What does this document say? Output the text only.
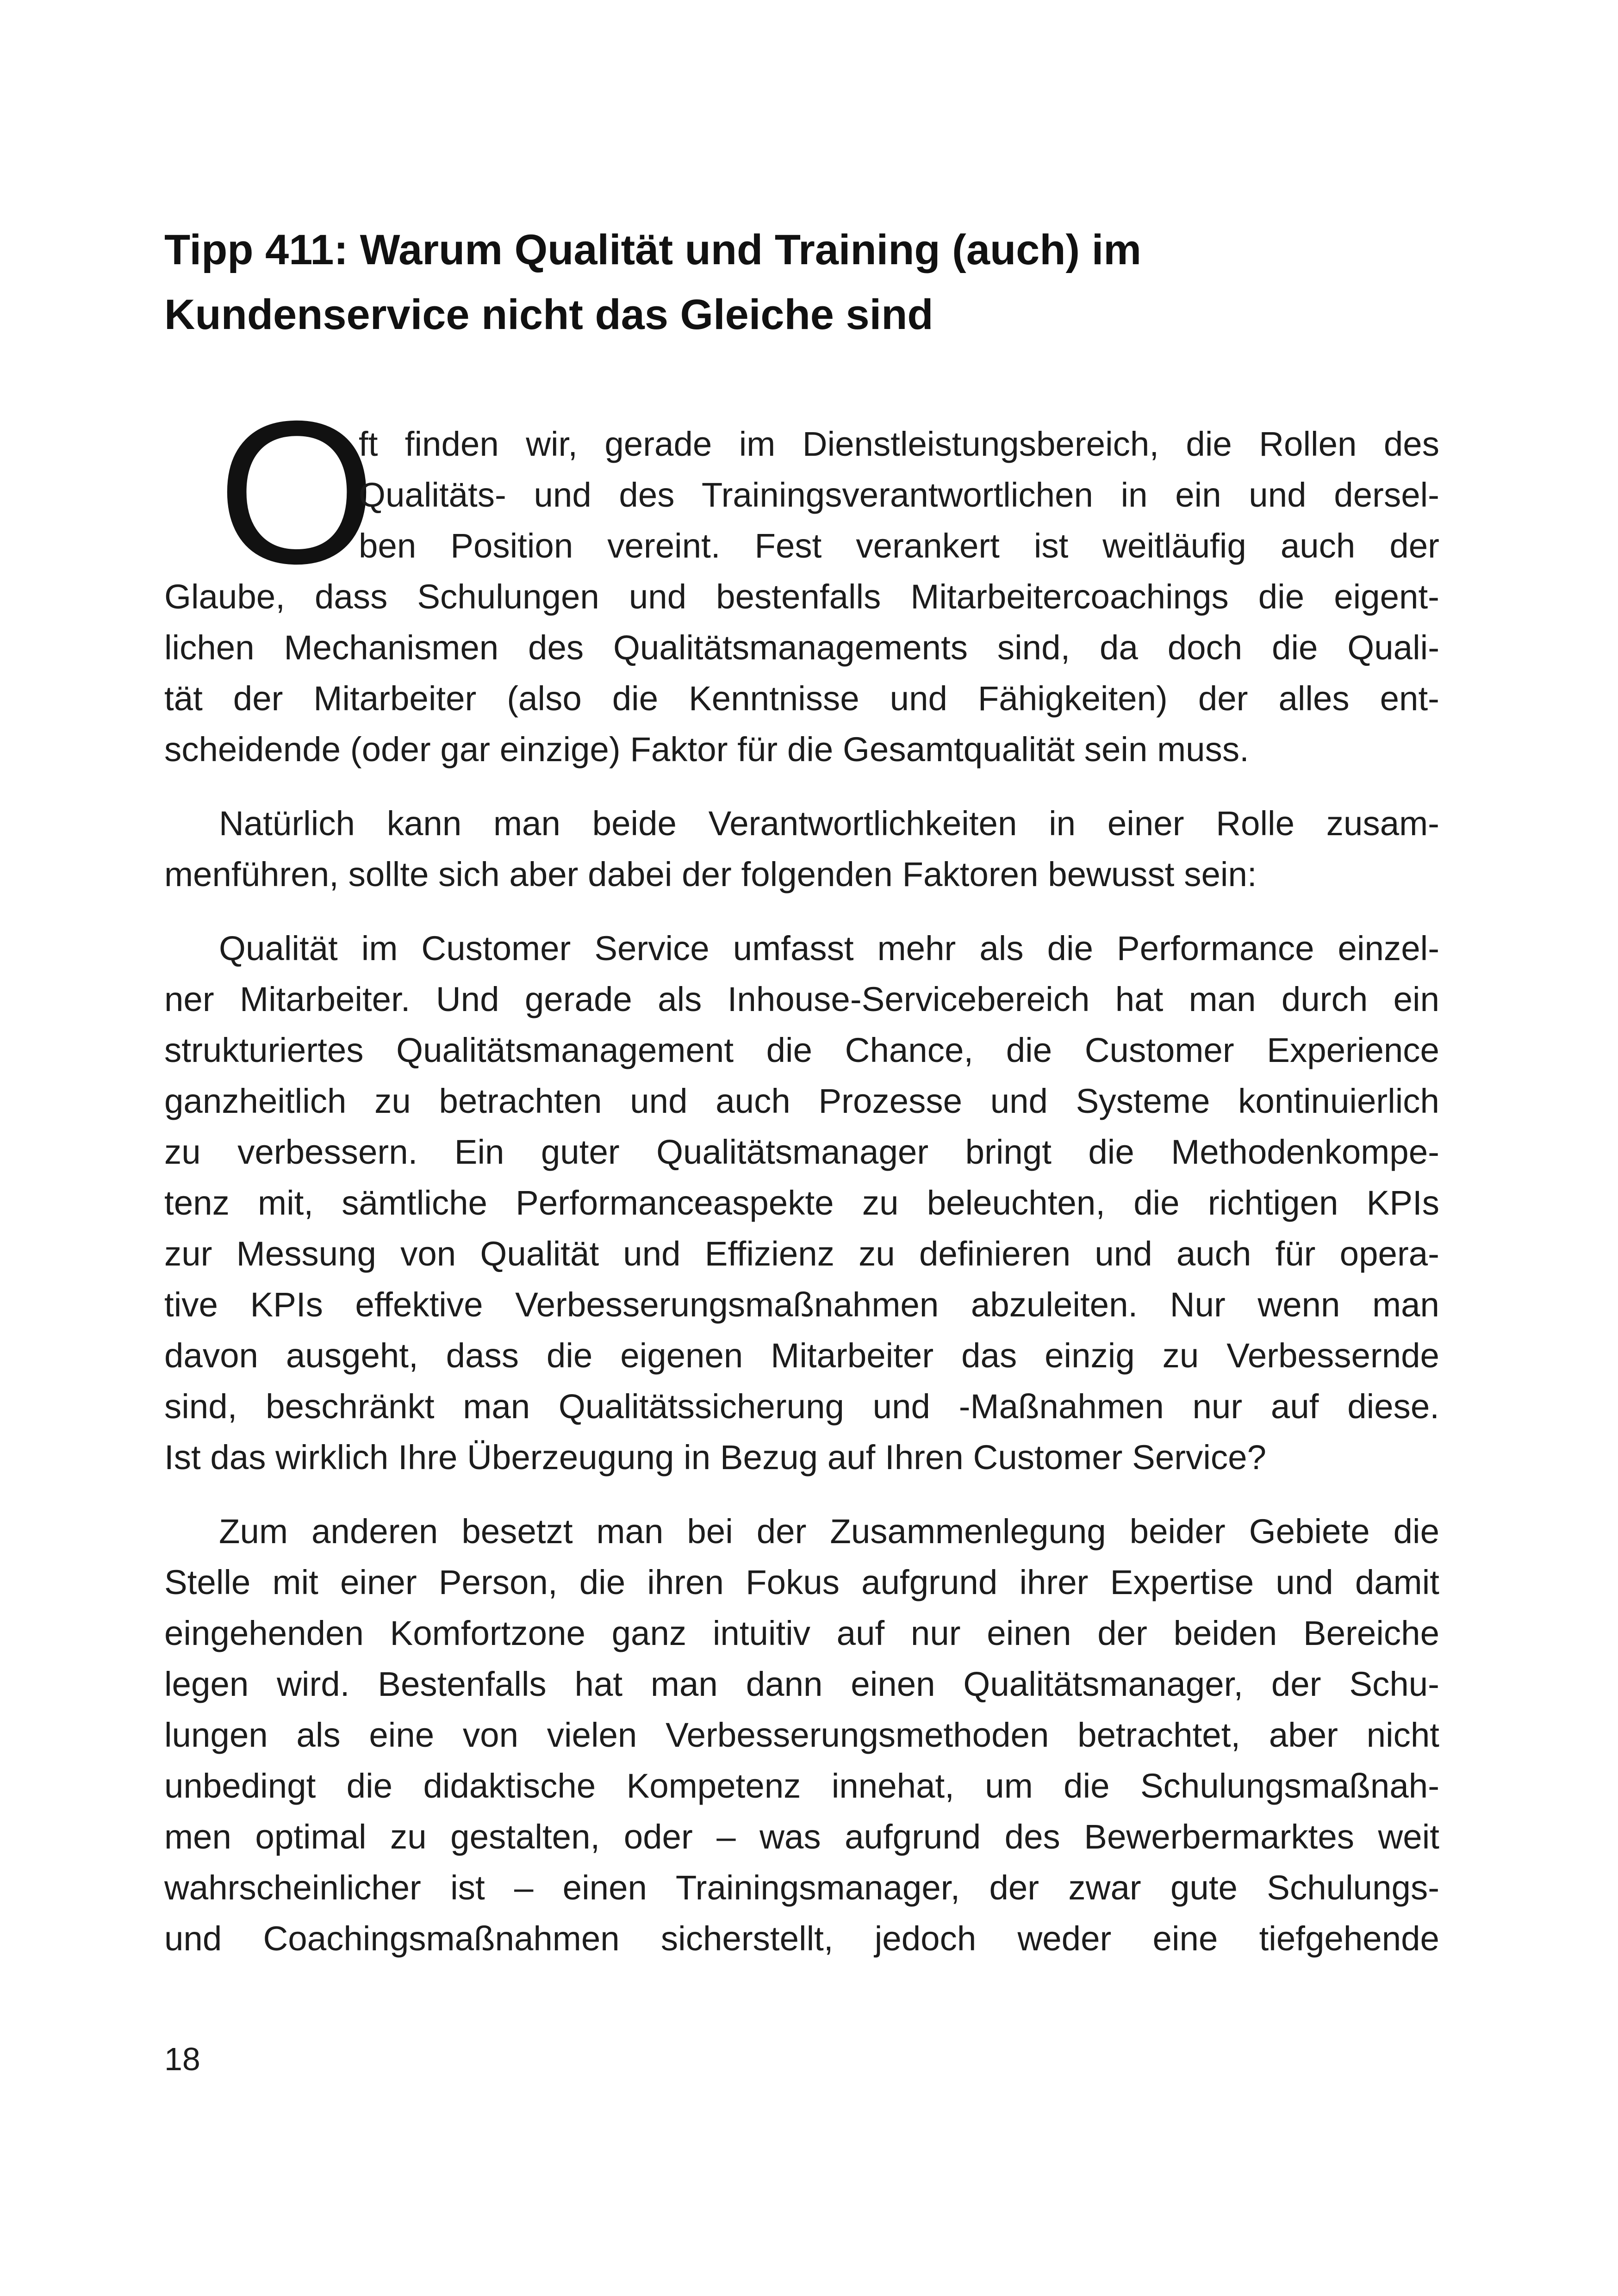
Tipp 411: Warum Qualität und Training (auch) im
Kundenservice nicht das Gleiche sind
O
ft finden wir, gerade im Dienstleistungsbereich, die Rollen des
Qualitäts- und des Trainingsverantwortlichen in ein und dersel-
ben Position vereint. Fest verankert ist weitläufig auch der
Glaube, dass Schulungen und bestenfalls Mitarbeitercoachings die eigent-
lichen Mechanismen des Qualitätsmanagements sind, da doch die Quali-
tät der Mitarbeiter (also die Kenntnisse und Fähigkeiten) der alles ent-
scheidende (oder gar einzige) Faktor für die Gesamtqualität sein muss.
Natürlich kann man beide Verantwortlichkeiten in einer Rolle zusam-
menführen, sollte sich aber dabei der folgenden Faktoren bewusst sein:
Qualität im Customer Service umfasst mehr als die Performance einzel-
ner Mitarbeiter. Und gerade als Inhouse-Servicebereich hat man durch ein
strukturiertes Qualitätsmanagement die Chance, die Customer Experience
ganzheitlich zu betrachten und auch Prozesse und Systeme kontinuierlich
zu verbessern. Ein guter Qualitätsmanager bringt die Methodenkompe-
tenz mit, sämtliche Performanceaspekte zu beleuchten, die richtigen KPIs
zur Messung von Qualität und Effizienz zu definieren und auch für opera-
tive KPIs effektive Verbesserungsmaßnahmen abzuleiten. Nur wenn man
davon ausgeht, dass die eigenen Mitarbeiter das einzig zu Verbessernde
sind, beschränkt man Qualitätssicherung und -Maßnahmen nur auf diese.
Ist das wirklich Ihre Überzeugung in Bezug auf Ihren Customer Service?
Zum anderen besetzt man bei der Zusammenlegung beider Gebiete die
Stelle mit einer Person, die ihren Fokus aufgrund ihrer Expertise und damit
eingehenden Komfortzone ganz intuitiv auf nur einen der beiden Bereiche
legen wird. Bestenfalls hat man dann einen Qualitätsmanager, der Schu-
lungen als eine von vielen Verbesserungsmethoden betrachtet, aber nicht
unbedingt die didaktische Kompetenz innehat, um die Schulungsmaßnah-
men optimal zu gestalten, oder – was aufgrund des Bewerbermarktes weit
wahrscheinlicher ist – einen Trainingsmanager, der zwar gute Schulungs-
und Coachingsmaßnahmen sicherstellt, jedoch weder eine tiefgehende
18
